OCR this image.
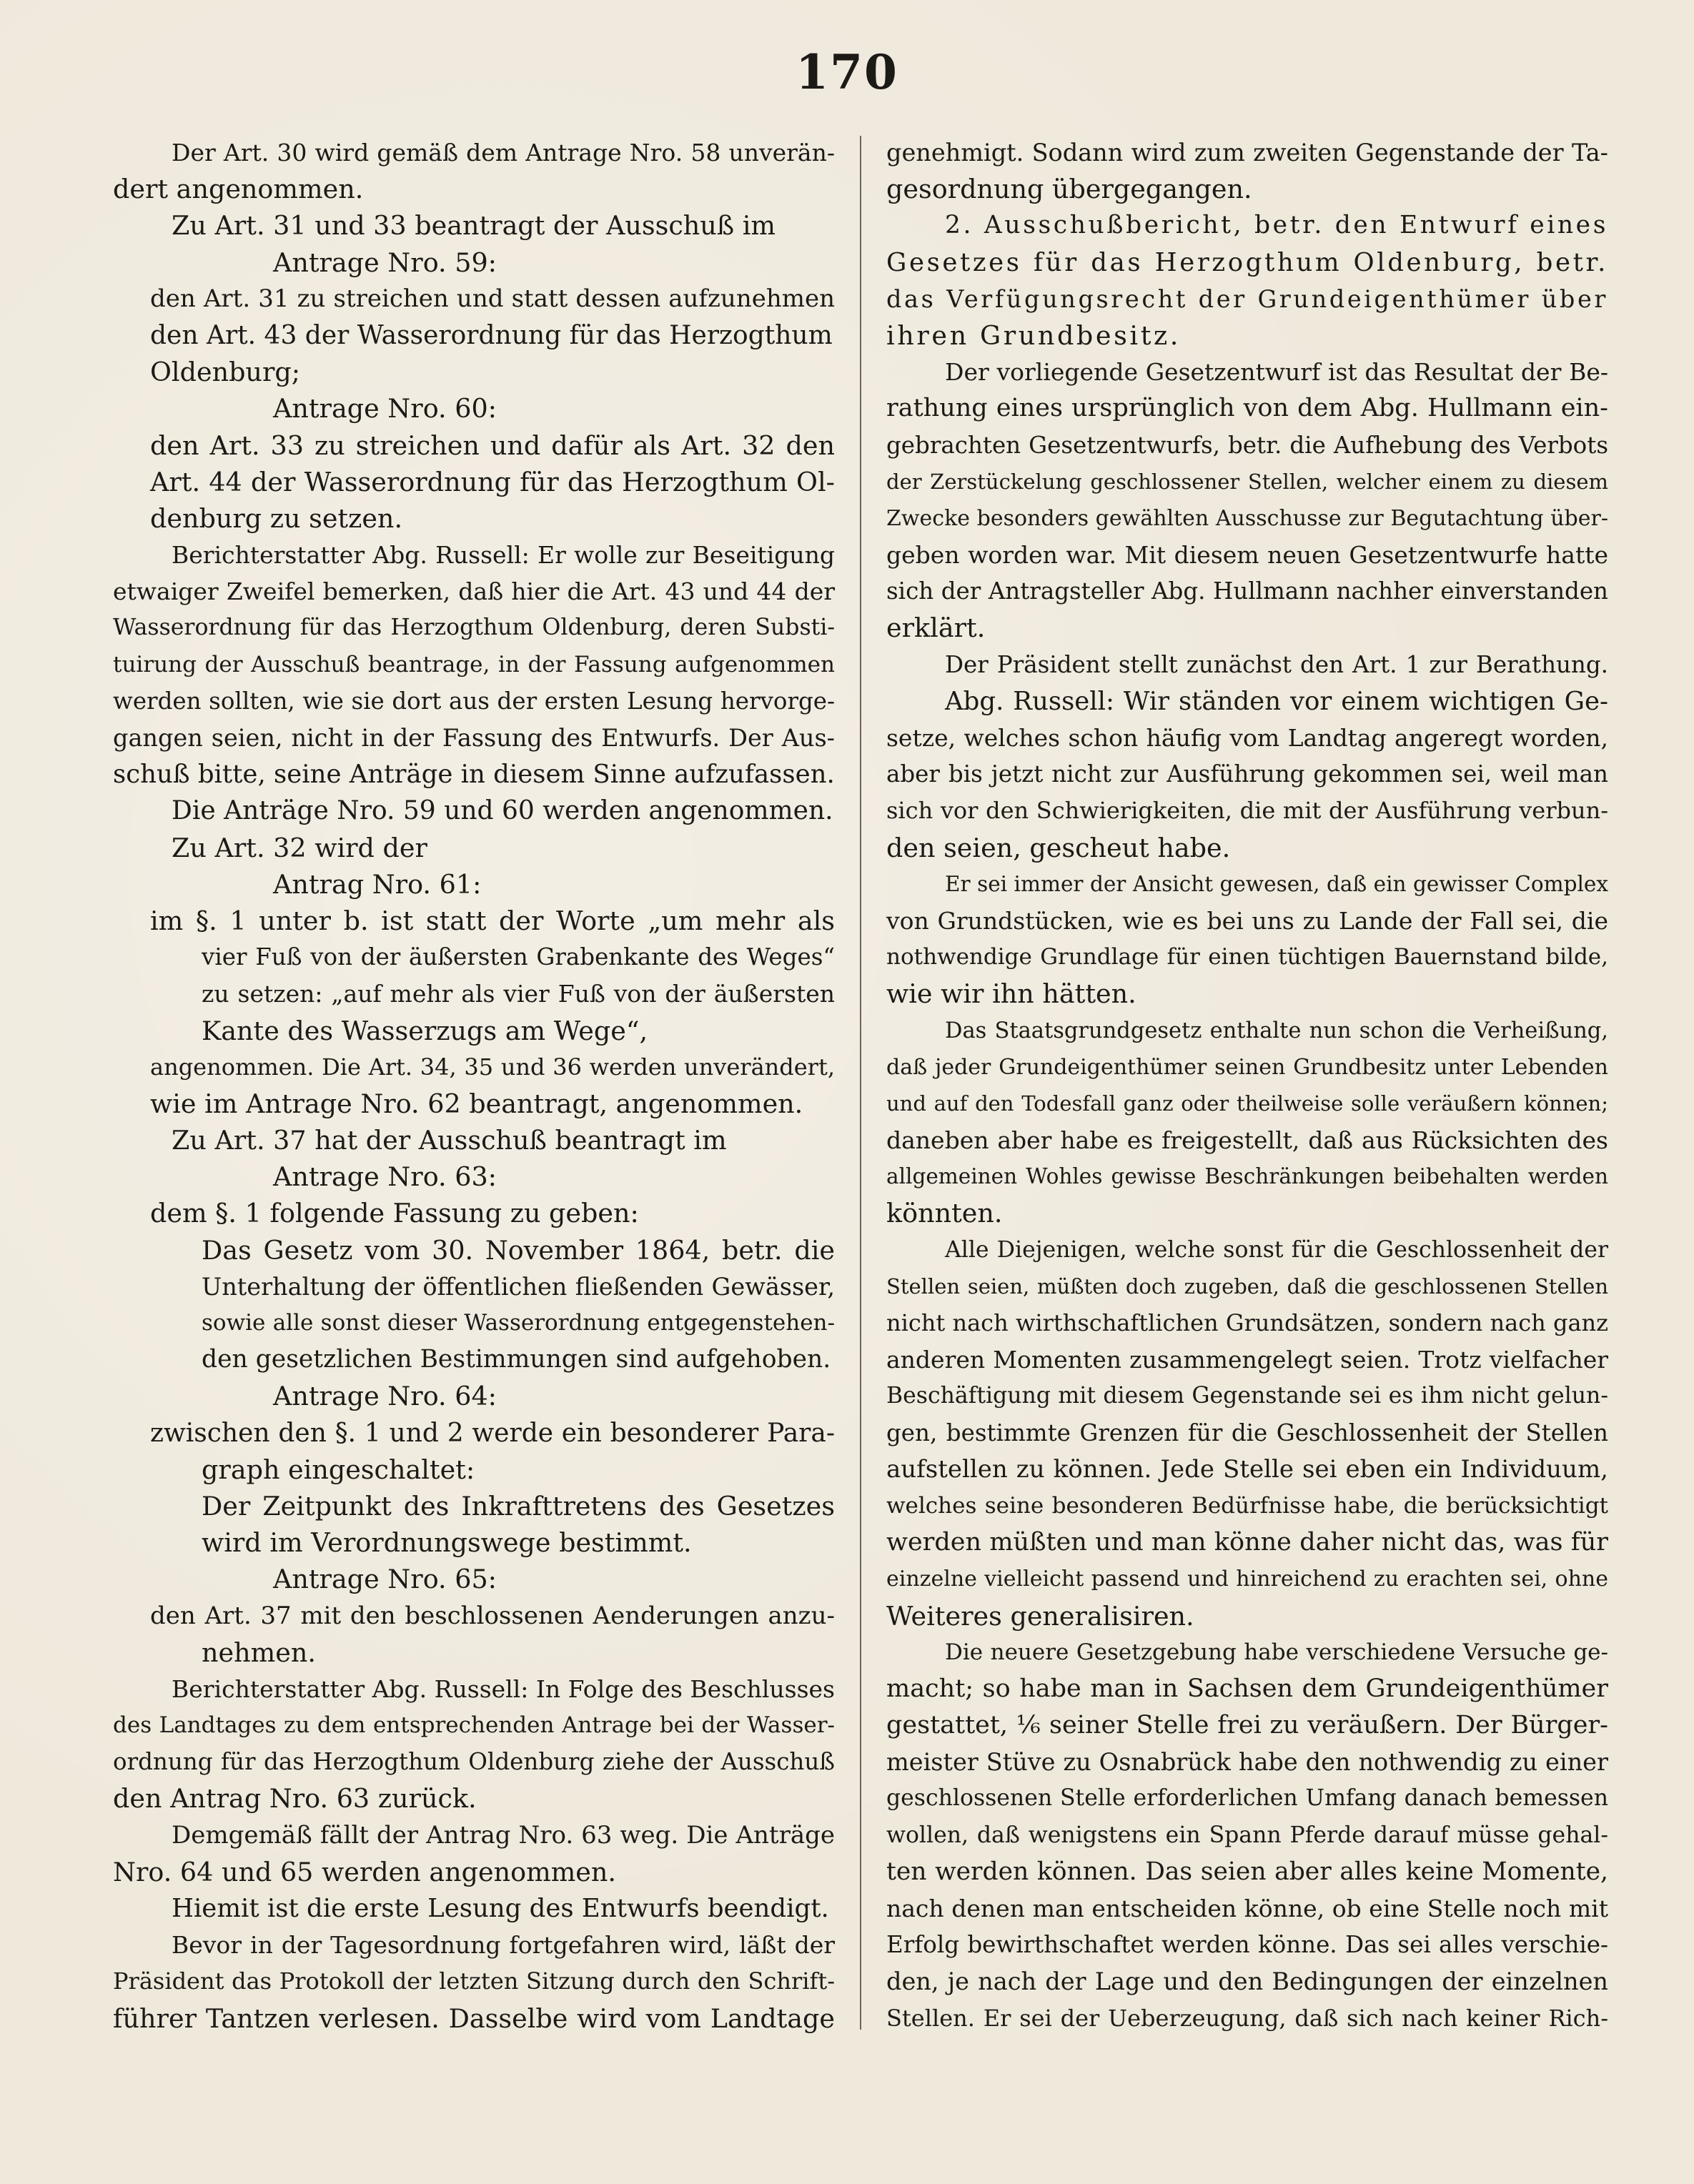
170
Der Art. 30 wird gemäß dem Antrage Nro. 58 unverän-
dert angenommen.
Zu Art. 31 und 33 beantragt der Ausschuß im
Antrage Nro. 59:
den Art. 31 zu streichen und statt dessen aufzunehmen
den Art. 43 der Wasserordnung für das Herzogthum
Oldenburg;
Antrage Nro. 60:
den Art. 33 zu streichen und dafür als Art. 32 den
Art. 44 der Wasserordnung für das Herzogthum Ol-
denburg zu setzen.
Berichterstatter Abg. Russell: Er wolle zur Beseitigung
etwaiger Zweifel bemerken, daß hier die Art. 43 und 44 der
Wasserordnung für das Herzogthum Oldenburg, deren Substi-
tuirung der Ausschuß beantrage, in der Fassung aufgenommen
werden sollten, wie sie dort aus der ersten Lesung hervorge-
gangen seien, nicht in der Fassung des Entwurfs. Der Aus-
schuß bitte, seine Anträge in diesem Sinne aufzufassen.
Die Anträge Nro. 59 und 60 werden angenommen.
Zu Art. 32 wird der
Antrag Nro. 61:
im §. 1 unter b. ist statt der Worte „um mehr als
vier Fuß von der äußersten Grabenkante des Weges“
zu setzen: „auf mehr als vier Fuß von der äußersten
Kante des Wasserzugs am Wege“,
angenommen. Die Art. 34, 35 und 36 werden unverändert,
wie im Antrage Nro. 62 beantragt, angenommen.
Zu Art. 37 hat der Ausschuß beantragt im
Antrage Nro. 63:
dem §. 1 folgende Fassung zu geben:
Das Gesetz vom 30. November 1864, betr. die
Unterhaltung der öffentlichen fließenden Gewässer,
sowie alle sonst dieser Wasserordnung entgegenstehen-
den gesetzlichen Bestimmungen sind aufgehoben.
Antrage Nro. 64:
zwischen den §. 1 und 2 werde ein besonderer Para-
graph eingeschaltet:
Der Zeitpunkt des Inkrafttretens des Gesetzes
wird im Verordnungswege bestimmt.
Antrage Nro. 65:
den Art. 37 mit den beschlossenen Aenderungen anzu-
nehmen.
Berichterstatter Abg. Russell: In Folge des Beschlusses
des Landtages zu dem entsprechenden Antrage bei der Wasser-
ordnung für das Herzogthum Oldenburg ziehe der Ausschuß
den Antrag Nro. 63 zurück.
Demgemäß fällt der Antrag Nro. 63 weg. Die Anträge
Nro. 64 und 65 werden angenommen.
Hiemit ist die erste Lesung des Entwurfs beendigt.
Bevor in der Tagesordnung fortgefahren wird, läßt der
Präsident das Protokoll der letzten Sitzung durch den Schrift-
führer Tantzen verlesen. Dasselbe wird vom Landtage
genehmigt. Sodann wird zum zweiten Gegenstande der Ta-
gesordnung übergegangen.
2. Ausschußbericht, betr. den Entwurf eines
Gesetzes für das Herzogthum Oldenburg, betr.
das Verfügungsrecht der Grundeigenthümer über
ihren Grundbesitz.
Der vorliegende Gesetzentwurf ist das Resultat der Be-
rathung eines ursprünglich von dem Abg. Hullmann ein-
gebrachten Gesetzentwurfs, betr. die Aufhebung des Verbots
der Zerstückelung geschlossener Stellen, welcher einem zu diesem
Zwecke besonders gewählten Ausschusse zur Begutachtung über-
geben worden war. Mit diesem neuen Gesetzentwurfe hatte
sich der Antragsteller Abg. Hullmann nachher einverstanden
erklärt.
Der Präsident stellt zunächst den Art. 1 zur Berathung.
Abg. Russell: Wir ständen vor einem wichtigen Ge-
setze, welches schon häufig vom Landtag angeregt worden,
aber bis jetzt nicht zur Ausführung gekommen sei, weil man
sich vor den Schwierigkeiten, die mit der Ausführung verbun-
den seien, gescheut habe.
Er sei immer der Ansicht gewesen, daß ein gewisser Complex
von Grundstücken, wie es bei uns zu Lande der Fall sei, die
nothwendige Grundlage für einen tüchtigen Bauernstand bilde,
wie wir ihn hätten.
Das Staatsgrundgesetz enthalte nun schon die Verheißung,
daß jeder Grundeigenthümer seinen Grundbesitz unter Lebenden
und auf den Todesfall ganz oder theilweise solle veräußern können;
daneben aber habe es freigestellt, daß aus Rücksichten des
allgemeinen Wohles gewisse Beschränkungen beibehalten werden
könnten.
Alle Diejenigen, welche sonst für die Geschlossenheit der
Stellen seien, müßten doch zugeben, daß die geschlossenen Stellen
nicht nach wirthschaftlichen Grundsätzen, sondern nach ganz
anderen Momenten zusammengelegt seien. Trotz vielfacher
Beschäftigung mit diesem Gegenstande sei es ihm nicht gelun-
gen, bestimmte Grenzen für die Geschlossenheit der Stellen
aufstellen zu können. Jede Stelle sei eben ein Individuum,
welches seine besonderen Bedürfnisse habe, die berücksichtigt
werden müßten und man könne daher nicht das, was für
einzelne vielleicht passend und hinreichend zu erachten sei, ohne
Weiteres generalisiren.
Die neuere Gesetzgebung habe verschiedene Versuche ge-
macht; so habe man in Sachsen dem Grundeigenthümer
gestattet, ⅙ seiner Stelle frei zu veräußern. Der Bürger-
meister Stüve zu Osnabrück habe den nothwendig zu einer
geschlossenen Stelle erforderlichen Umfang danach bemessen
wollen, daß wenigstens ein Spann Pferde darauf müsse gehal-
ten werden können. Das seien aber alles keine Momente,
nach denen man entscheiden könne, ob eine Stelle noch mit
Erfolg bewirthschaftet werden könne. Das sei alles verschie-
den, je nach der Lage und den Bedingungen der einzelnen
Stellen. Er sei der Ueberzeugung, daß sich nach keiner Rich-
